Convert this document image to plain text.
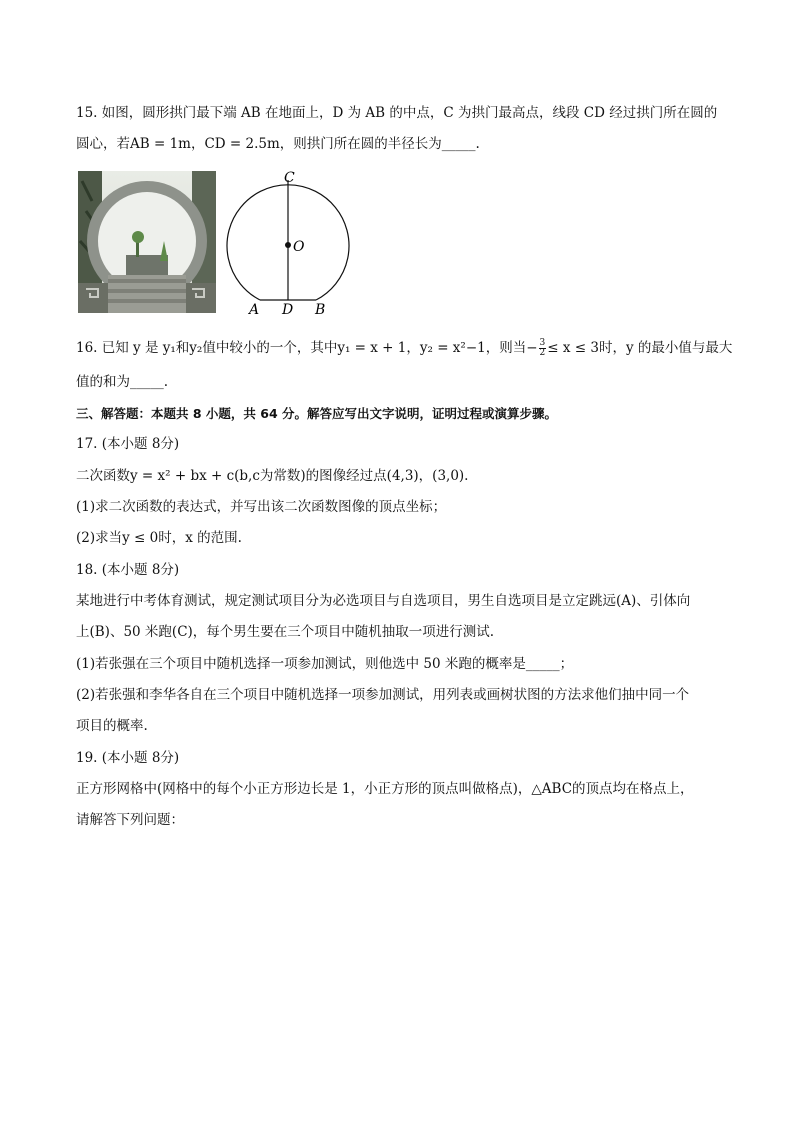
15. 如图，圆形拱门最下端 AB 在地面上，D 为 AB 的中点，C 为拱门最高点，线段 CD 经过拱门所在圆的
圆心，若AB = 1m，CD = 2.5m，则拱门所在圆的半径长为_____.
C
O
A D B
16. 已知 y 是 y₁和y₂值中较小的一个，其中y₁ = x + 1，y₂ = x²−1，则当− $\frac{3}{2} \le x \le 3$时，y 的最小值与最大
值的和为_____.
三、解答题：本题共 8 小题，共 64 分。解答应写出文字说明，证明过程或演算步骤。
17. (本小题 8分)
二次函数y = x² + bx + c(b,c为常数)的图像经过点(4,3)，(3,0).
(1)求二次函数的表达式，并写出该二次函数图像的顶点坐标；
(2)求当y ≤ 0时，x 的范围.
18. (本小题 8分)
某地进行中考体育测试，规定测试项目分为必选项目与自选项目，男生自选项目是立定跳远(A)、引体向
上(B)、50 米跑(C)，每个男生要在三个项目中随机抽取一项进行测试.
(1)若张强在三个项目中随机选择一项参加测试，则他选中 50 米跑的概率是_____；
(2)若张强和李华各自在三个项目中随机选择一项参加测试，用列表或画树状图的方法求他们抽中同一个
项目的概率.
19. (本小题 8分)
正方形网格中(网格中的每个小正方形边长是 1，小正方形的顶点叫做格点)，△ABC的顶点均在格点上，
请解答下列问题：
